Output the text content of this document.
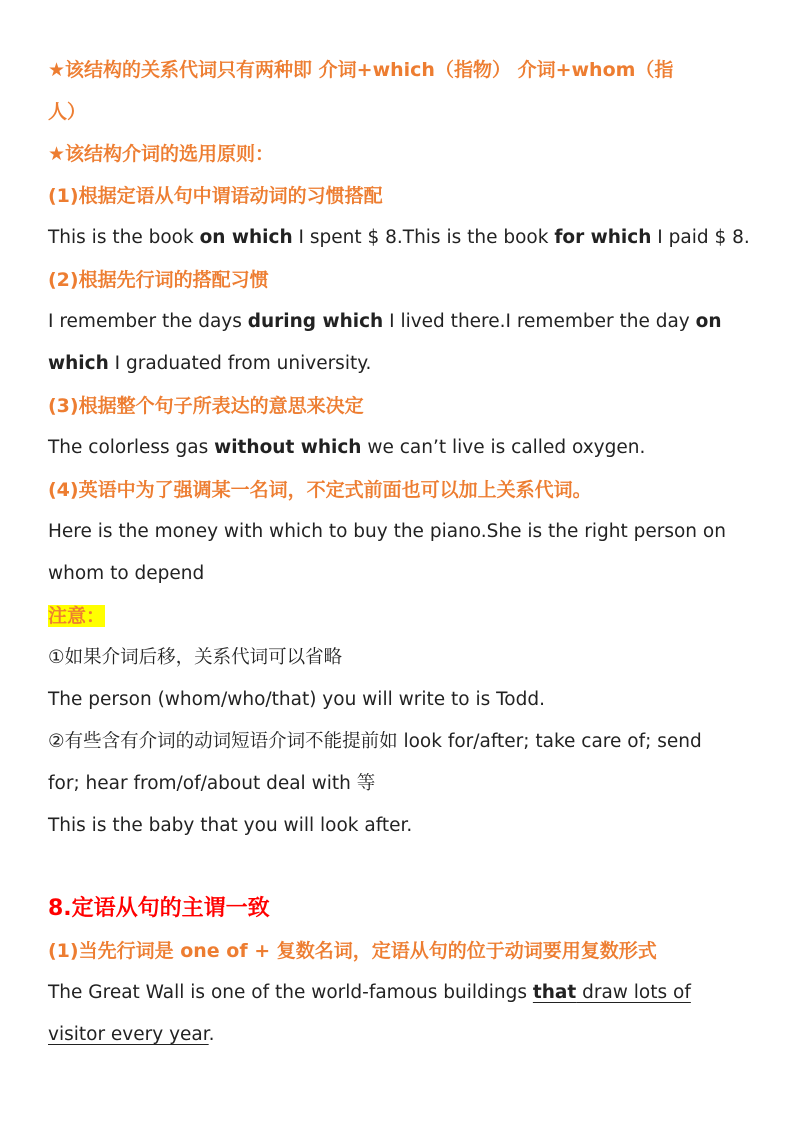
★该结构的关系代词只有两种即 介词+which（指物） 介词+whom（指
人）
★该结构介词的选用原则：
(1)根据定语从句中谓语动词的习惯搭配
This is the book on which I spent $ 8.This is the book for which I paid $ 8.
(2)根据先行词的搭配习惯
I remember the days during which I lived there.I remember the day on
which I graduated from university.
(3)根据整个句子所表达的意思来决定
The colorless gas without which we can’t live is called oxygen.
(4)英语中为了强调某一名词，不定式前面也可以加上关系代词。
Here is the money with which to buy the piano.She is the right person on
whom to depend
注意：
①如果介词后移，关系代词可以省略
The person (whom/who/that) you will write to is Todd.
②有些含有介词的动词短语介词不能提前如 look for/after; take care of; send
for; hear from/of/about deal with 等
This is the baby that you will look after.
8.定语从句的主谓一致
(1)当先行词是 one of + 复数名词，定语从句的位于动词要用复数形式
The Great Wall is one of the world-famous buildings that draw lots of
visitor every year.
